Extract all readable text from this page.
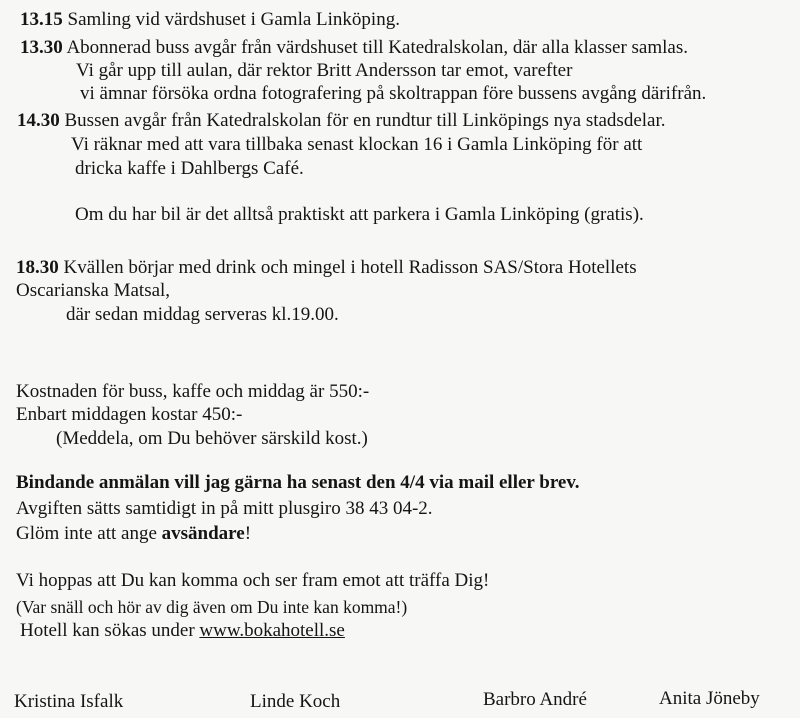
13.15 Samling vid värdshuset i Gamla Linköping.
13.30 Abonnerad buss avgår från värdshuset till Katedralskolan, där alla klasser samlas.
Vi går upp till aulan, där rektor Britt Andersson tar emot, varefter
vi ämnar försöka ordna fotografering på skoltrappan före bussens avgång därifrån.
14.30 Bussen avgår från Katedralskolan för en rundtur till Linköpings nya stadsdelar.
Vi räknar med att vara tillbaka senast klockan 16 i Gamla Linköping för att
dricka kaffe i Dahlbergs Café.
Om du har bil är det alltså praktiskt att parkera i Gamla Linköping (gratis).
18.30 Kvällen börjar med drink och mingel i hotell Radisson SAS/Stora Hotellets
Oscarianska Matsal,
där sedan middag serveras kl.19.00.
Kostnaden för buss, kaffe och middag är 550:-
Enbart middagen kostar 450:-
(Meddela, om Du behöver särskild kost.)
Bindande anmälan vill jag gärna ha senast den 4/4 via mail eller brev.
Avgiften sätts samtidigt in på mitt plusgiro 38 43 04-2.
Glöm inte att ange avsändare!
Vi hoppas att Du kan komma och ser fram emot att träffa Dig!
(Var snäll och hör av dig även om Du inte kan komma!)
Hotell kan sökas under www.bokahotell.se
Kristina Isfalk	Linde Koch	Barbro André	Anita Jöneby
